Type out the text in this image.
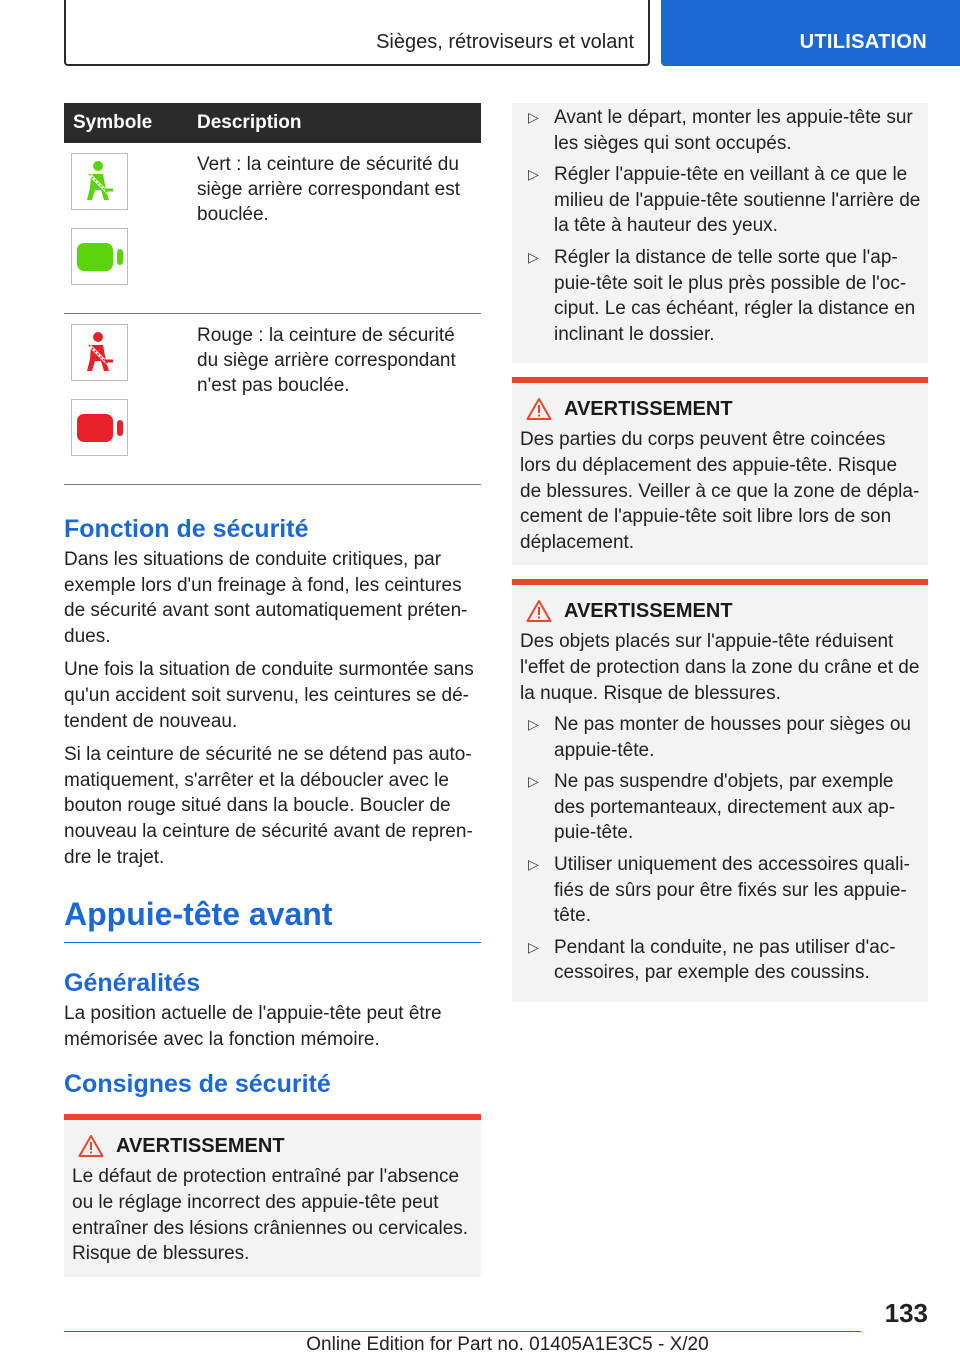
Sièges, rétroviseurs et volant	UTILISATION
Symbole	Description

	Vert : la ceinture de sécurité du siège arrière correspondant est bouclée.

	Rouge : la ceinture de sécurité du siège arrière correspondant n'est pas bouclée.
Fonction de sécurité

Dans les situations de conduite critiques, par exemple lors d'un freinage à fond, les ceintures de sécurité avant sont automatiquement prétendues.

Une fois la situation de conduite surmontée sans qu'un accident soit survenu, les ceintures se détendent de nouveau.

Si la ceinture de sécurité ne se détend pas automatiquement, s'arrêter et la déboucler avec le bouton rouge situé dans la boucle. Boucler de nouveau la ceinture de sécurité avant de reprendre le trajet.

Appuie-tête avant
Généralités

La position actuelle de l'appuie-tête peut être mémorisée avec la fonction mémoire.

Consignes de sécurité
AVERTISSEMENT

Le défaut de protection entraîné par l'absence ou le réglage incorrect des appuie-tête peut entraîner des lésions crâniennes ou cervicales. Risque de blessures.

▷ Avant le départ, monter les appuie-tête sur les sièges qui sont occupés.
▷ Régler l'appuie-tête en veillant à ce que le milieu de l'appuie-tête soutienne l'arrière de la tête à hauteur des yeux.
▷ Régler la distance de telle sorte que l'appuie-tête soit le plus près possible de l'occiput. Le cas échéant, régler la distance en inclinant le dossier.
AVERTISSEMENT

Des parties du corps peuvent être coincées lors du déplacement des appuie-tête. Risque de blessures. Veiller à ce que la zone de déplacement de l'appuie-tête soit libre lors de son déplacement.

AVERTISSEMENT

Des objets placés sur l'appuie-tête réduisent l'effet de protection dans la zone du crâne et de la nuque. Risque de blessures.

▷ Ne pas monter de housses pour sièges ou appuie-tête.
▷ Ne pas suspendre d'objets, par exemple des portemanteaux, directement aux appuie-tête.
▷ Utiliser uniquement des accessoires qualifiés de sûrs pour être fixés sur les appuie-tête.
▷ Pendant la conduite, ne pas utiliser d'accessoires, par exemple des coussins.
133
Online Edition for Part no. 01405A1E3C5 - X/20
